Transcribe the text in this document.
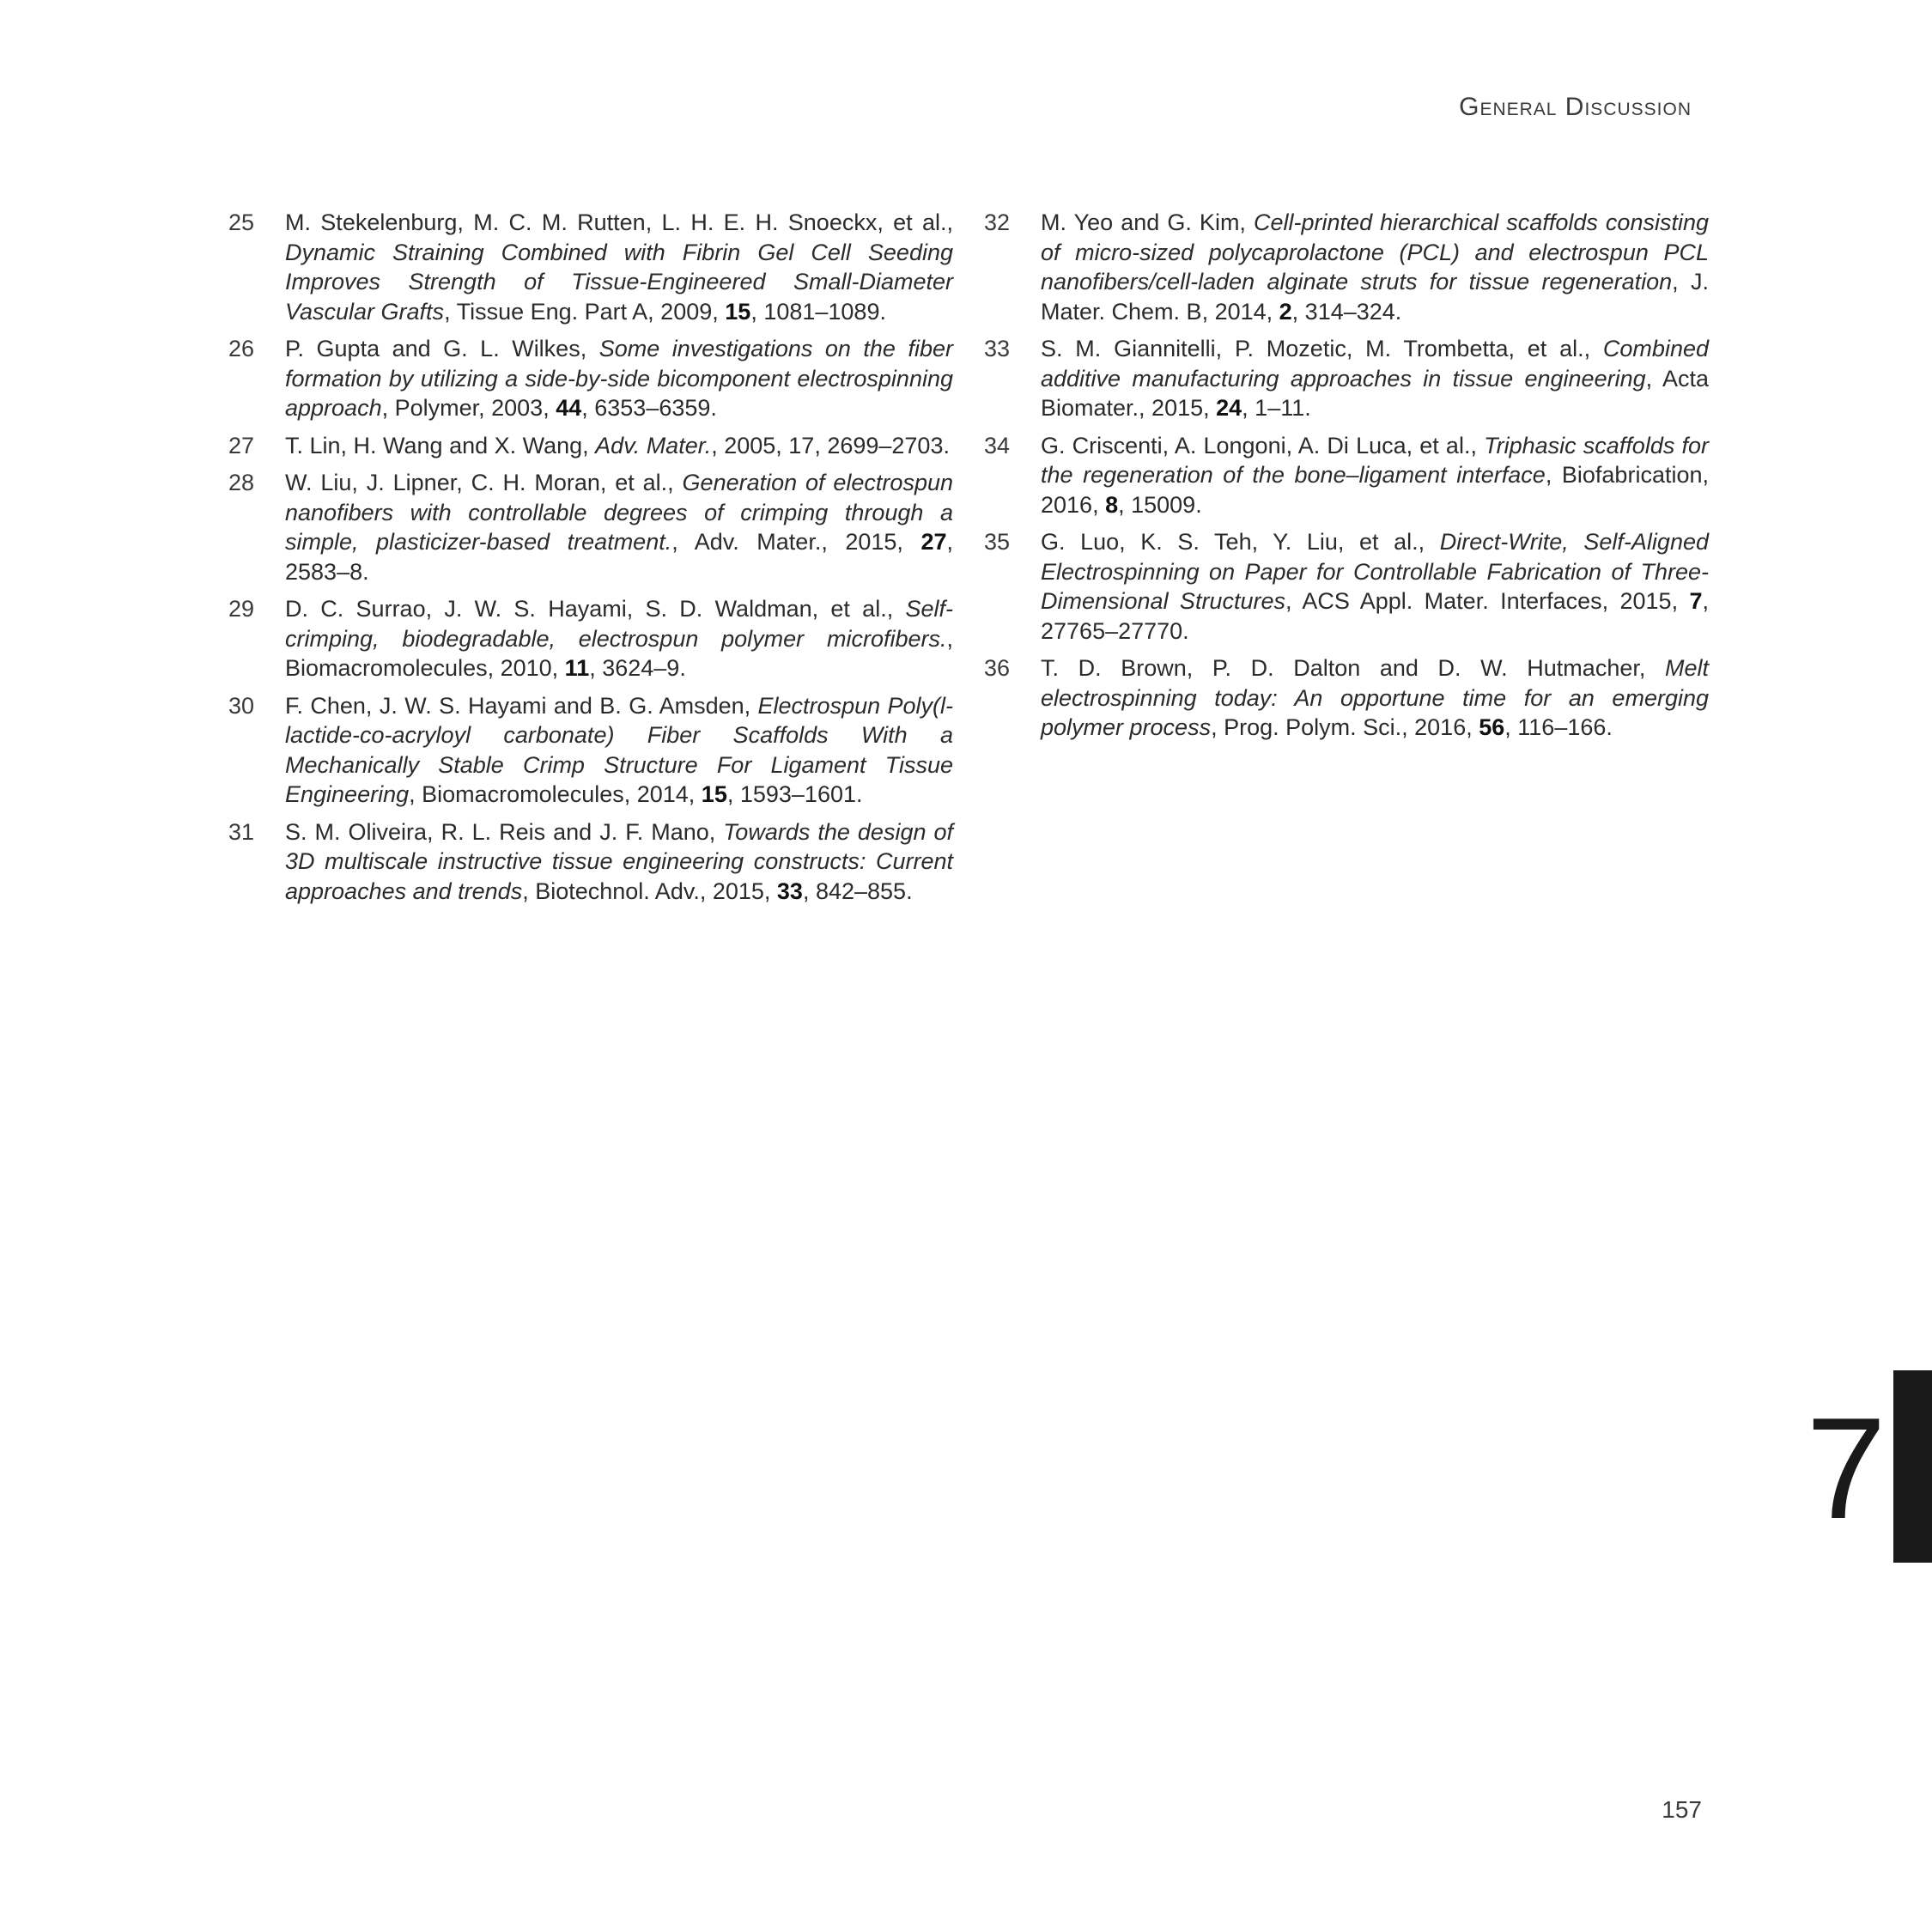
General Discussion
25 M. Stekelenburg, M. C. M. Rutten, L. H. E. H. Snoeckx, et al., Dynamic Straining Combined with Fibrin Gel Cell Seeding Improves Strength of Tissue-Engineered Small-Diameter Vascular Grafts, Tissue Eng. Part A, 2009, 15, 1081–1089.
26 P. Gupta and G. L. Wilkes, Some investigations on the fiber formation by utilizing a side-by-side bicomponent electrospinning approach, Polymer, 2003, 44, 6353–6359.
27 T. Lin, H. Wang and X. Wang, Adv. Mater., 2005, 17, 2699–2703.
28 W. Liu, J. Lipner, C. H. Moran, et al., Generation of electrospun nanofibers with controllable degrees of crimping through a simple, plasticizer-based treatment., Adv. Mater., 2015, 27, 2583–8.
29 D. C. Surrao, J. W. S. Hayami, S. D. Waldman, et al., Self-crimping, biodegradable, electrospun polymer microfibers., Biomacromolecules, 2010, 11, 3624–9.
30 F. Chen, J. W. S. Hayami and B. G. Amsden, Electrospun Poly(l-lactide-co-acryloyl carbonate) Fiber Scaffolds With a Mechanically Stable Crimp Structure For Ligament Tissue Engineering, Biomacromolecules, 2014, 15, 1593–1601.
31 S. M. Oliveira, R. L. Reis and J. F. Mano, Towards the design of 3D multiscale instructive tissue engineering constructs: Current approaches and trends, Biotechnol. Adv., 2015, 33, 842–855.
32 M. Yeo and G. Kim, Cell-printed hierarchical scaffolds consisting of micro-sized polycaprolactone (PCL) and electrospun PCL nanofibers/cell-laden alginate struts for tissue regeneration, J. Mater. Chem. B, 2014, 2, 314–324.
33 S. M. Giannitelli, P. Mozetic, M. Trombetta, et al., Combined additive manufacturing approaches in tissue engineering, Acta Biomater., 2015, 24, 1–11.
34 G. Criscenti, A. Longoni, A. Di Luca, et al., Triphasic scaffolds for the regeneration of the bone–ligament interface, Biofabrication, 2016, 8, 15009.
35 G. Luo, K. S. Teh, Y. Liu, et al., Direct-Write, Self-Aligned Electrospinning on Paper for Controllable Fabrication of Three-Dimensional Structures, ACS Appl. Mater. Interfaces, 2015, 7, 27765–27770.
36 T. D. Brown, P. D. Dalton and D. W. Hutmacher, Melt electrospinning today: An opportune time for an emerging polymer process, Prog. Polym. Sci., 2016, 56, 116–166.
7
157
